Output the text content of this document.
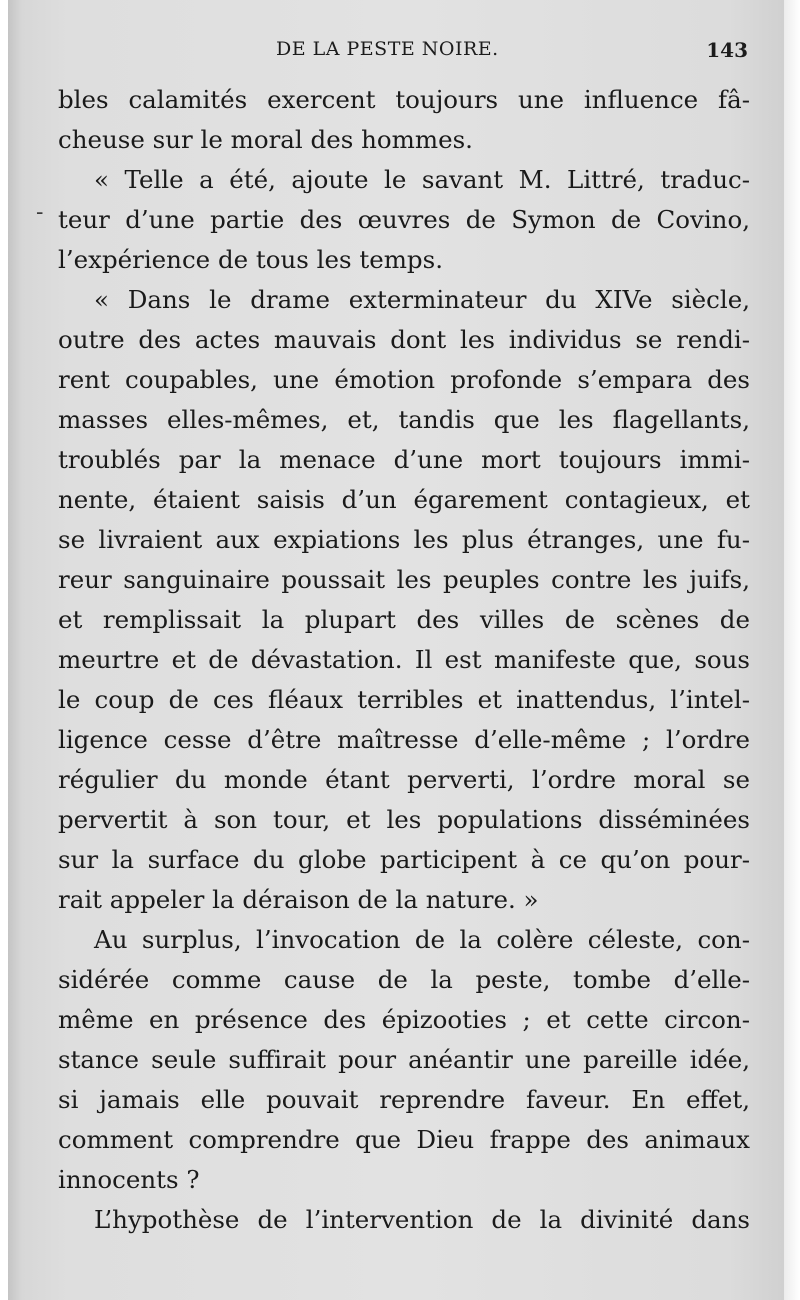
DE LA PESTE NOIRE.	143
-
bles calamités exercent toujours une influence fâ-
cheuse sur le moral des hommes.
« Telle a été, ajoute le savant M. Littré, traduc-
teur d’une partie des œuvres de Symon de Covino,
l’expérience de tous les temps.
« Dans le drame exterminateur du XIVe siècle,
outre des actes mauvais dont les individus se rendi-
rent coupables, une émotion profonde s’empara des
masses elles-mêmes, et, tandis que les flagellants,
troublés par la menace d’une mort toujours immi-
nente, étaient saisis d’un égarement contagieux, et
se livraient aux expiations les plus étranges, une fu-
reur sanguinaire poussait les peuples contre les juifs,
et remplissait la plupart des villes de scènes de
meurtre et de dévastation. Il est manifeste que, sous
le coup de ces fléaux terribles et inattendus, l’intel-
ligence cesse d’être maîtresse d’elle-même ; l’ordre
régulier du monde étant perverti, l’ordre moral se
pervertit à son tour, et les populations disséminées
sur la surface du globe participent à ce qu’on pour-
rait appeler la déraison de la nature. »
Au surplus, l’invocation de la colère céleste, con-
sidérée comme cause de la peste, tombe d’elle-
même en présence des épizooties ; et cette circon-
stance seule suffirait pour anéantir une pareille idée,
si jamais elle pouvait reprendre faveur. En effet,
comment comprendre que Dieu frappe des animaux
innocents ?
L’hypothèse de l’intervention de la divinité dans
